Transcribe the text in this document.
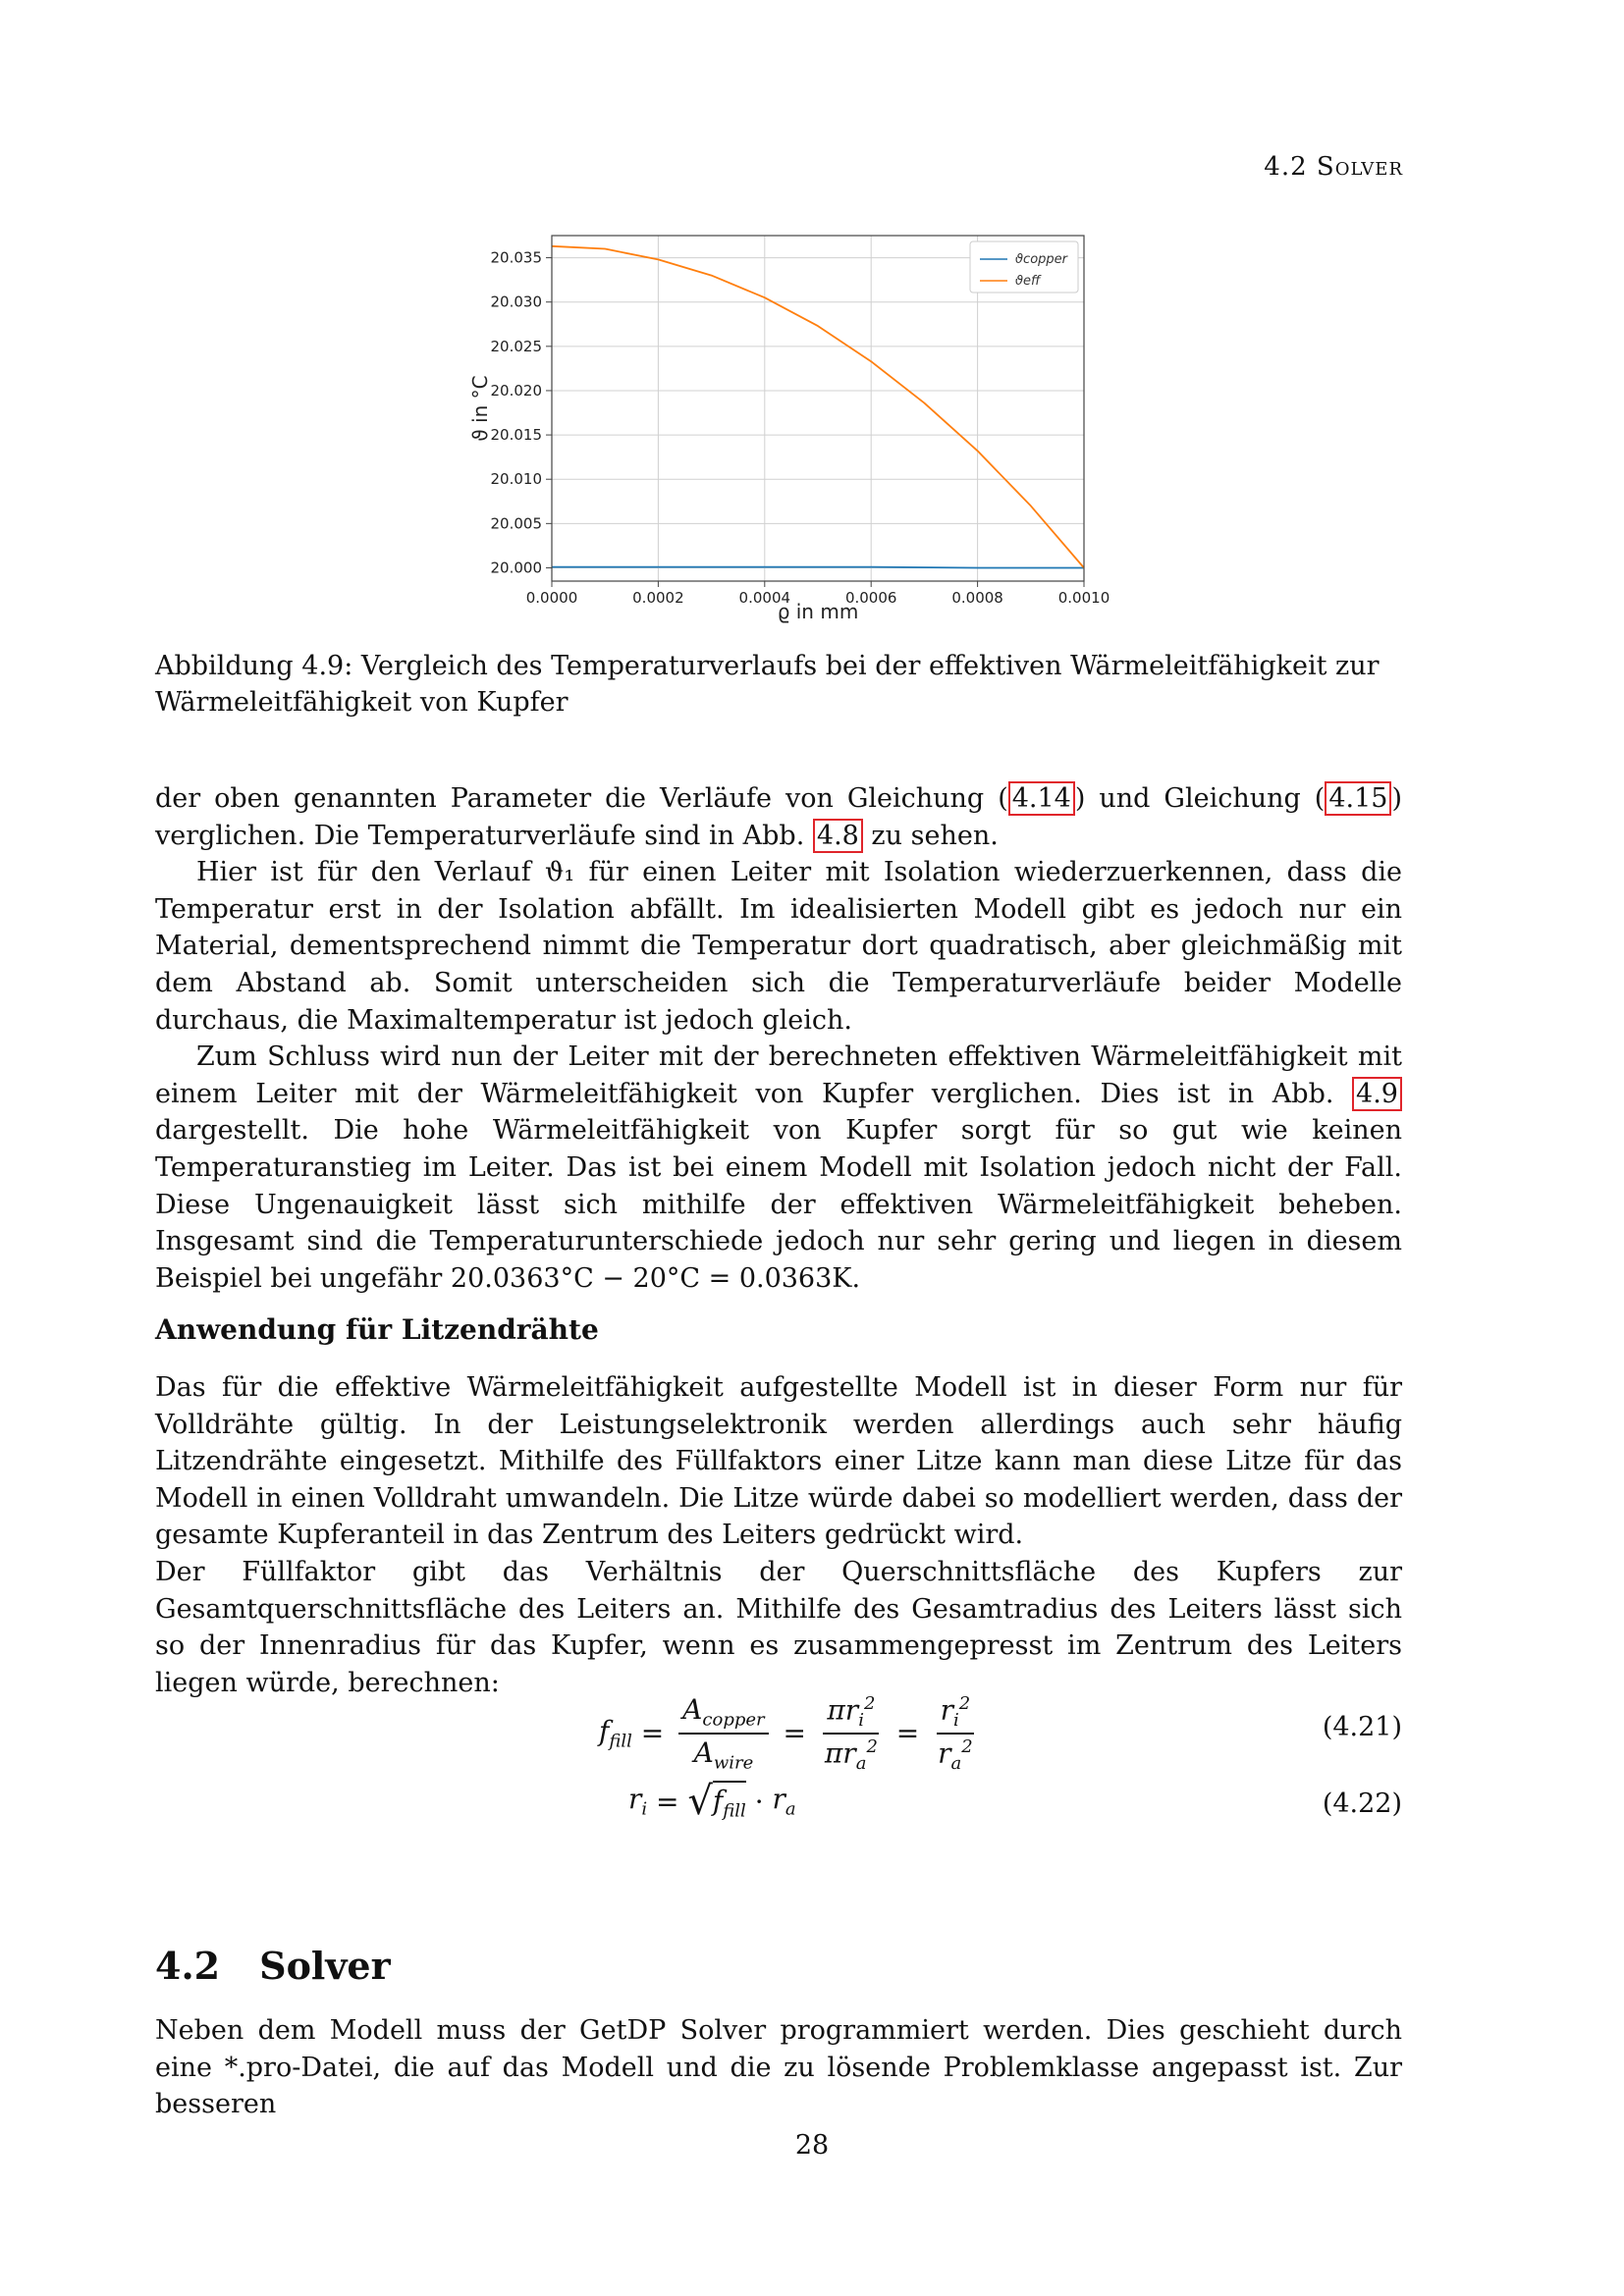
4.2 Solver
0.0000	0.0002	0.0004	0.0006	0.0008	0.0010
20.000
20.005
20.010
20.015
20.020
20.025
20.030
20.035
ϱ in mm
ϑ in °C
ϑcopper
ϑeff
Abbildung 4.9: Vergleich des Temperaturverlaufs bei der effektiven Wärmeleitfähigkeit zur Wärmeleitfähigkeit von Kupfer

der oben genannten Parameter die Verläufe von Gleichung ( 4.14 ) und Gleichung ( 4.15 ) verglichen. Die Temperaturverläufe sind in Abb. 4.8 zu sehen.

Hier ist für den Verlauf ϑ₁ für einen Leiter mit Isolation wiederzuerkennen, dass die Temperatur erst in der Isolation abfällt. Im idealisierten Modell gibt es jedoch nur ein Material, dementsprechend nimmt die Temperatur dort quadratisch, aber gleichmäßig mit dem Abstand ab. Somit unterscheiden sich die Temperaturverläufe beider Modelle durchaus, die Maximaltemperatur ist jedoch gleich.

Zum Schluss wird nun der Leiter mit der berechneten effektiven Wärmeleitfähigkeit mit einem Leiter mit der Wärmeleitfähigkeit von Kupfer verglichen. Dies ist in Abb. 4.9 dargestellt. Die hohe Wärmeleitfähigkeit von Kupfer sorgt für so gut wie keinen Temperaturanstieg im Leiter. Das ist bei einem Modell mit Isolation jedoch nicht der Fall. Diese Ungenauigkeit lässt sich mithilfe der effektiven Wärmeleitfähigkeit beheben. Insgesamt sind die Temperaturunterschiede jedoch nur sehr gering und liegen in diesem Beispiel bei ungefähr 20.0363°C − 20°C = 0.0363K.

Anwendung für Litzendrähte

Das für die effektive Wärmeleitfähigkeit aufgestellte Modell ist in dieser Form nur für Volldrähte gültig. In der Leistungselektronik werden allerdings auch sehr häufig Litzendrähte eingesetzt. Mithilfe des Füllfaktors einer Litze kann man diese Litze für das Modell in einen Volldraht umwandeln. Die Litze würde dabei so modelliert werden, dass der gesamte Kupferanteil in das Zentrum des Leiters gedrückt wird.

Der Füllfaktor gibt das Verhältnis der Querschnittsfläche des Kupfers zur Gesamtquerschnittsfläche des Leiters an. Mithilfe des Gesamtradius des Leiters lässt sich so der Innenradius für das Kupfer, wenn es zusammengepresst im Zentrum des Leiters liegen würde, berechnen:

$f_{fill} = \frac{A_{copper}}{A_{wire}} = \frac{\pi r_i^2}{\pi r_a^2} = \frac{r_i^2}{r_a^2}$	(4.21)
$r_i$ = √ $f_{fill} \cdot r_a$	(4.22)
4.2 Solver

Neben dem Modell muss der GetDP Solver programmiert werden. Dies geschieht durch eine *.pro-Datei, die auf das Modell und die zu lösende Problemklasse angepasst ist. Zur besseren

28
